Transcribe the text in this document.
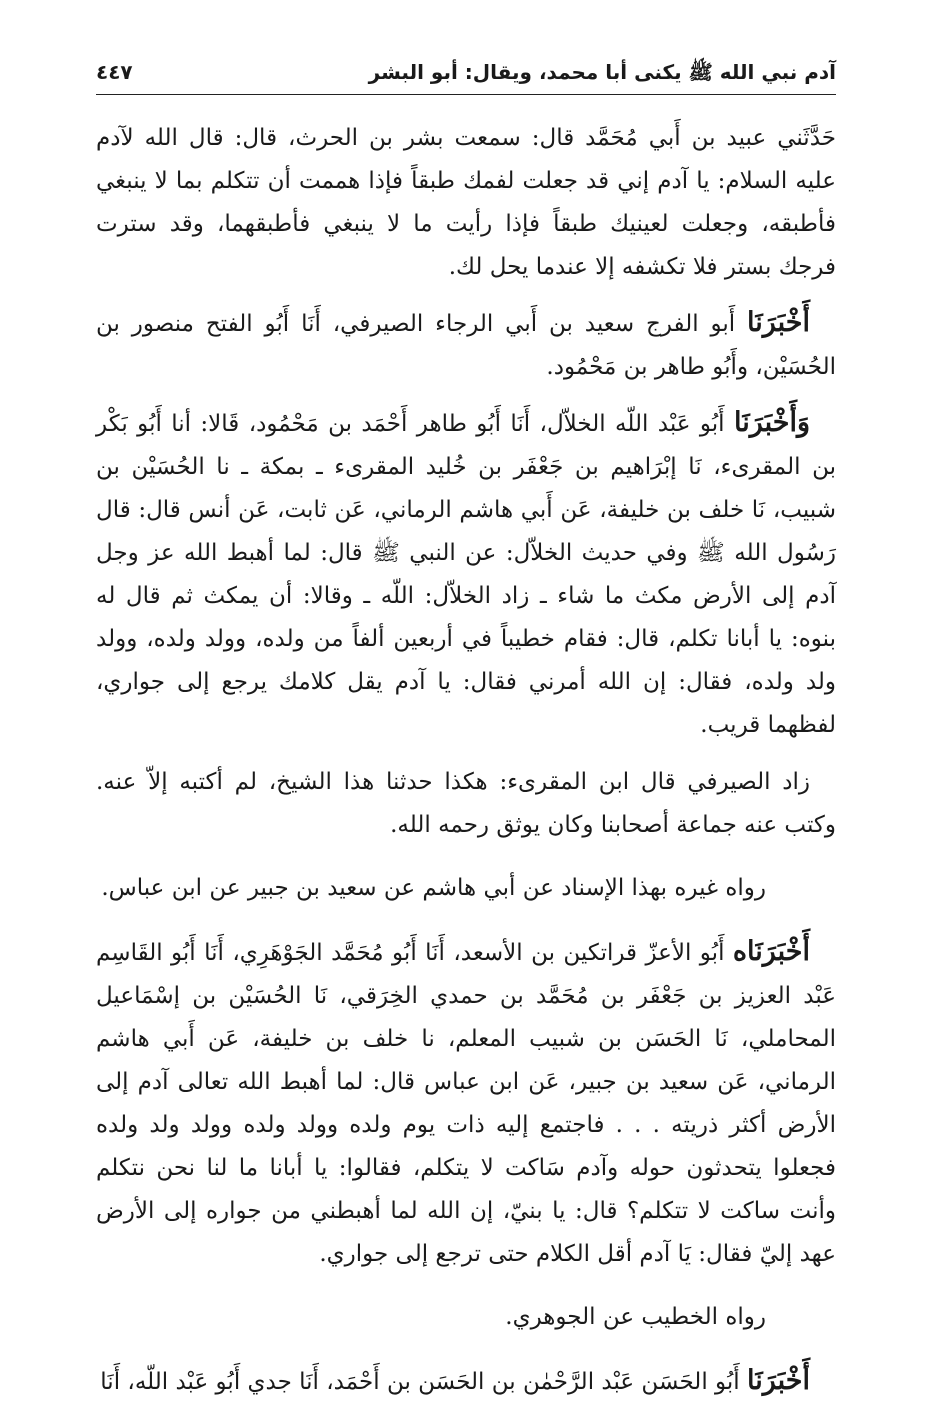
آدم نبي الله ﷺ يكنى أبا محمد، ويقال: أبو البشر
٤٤٧

حَدَّثَني عبيد بن أَبي مُحَمَّد قال: سمعت بشر بن الحرث، قال: قال الله لآدم عليه السلام: يا آدم إني قد جعلت لفمك طبقاً فإذا هممت أن تتكلم بما لا ينبغي فأطبقه، وجعلت لعينيك طبقاً فإذا رأيت ما لا ينبغي فأطبقهما، وقد سترت فرجك بستر فلا تكشفه إلا عندما يحل لك.

أَخْبَرَنَا أَبو الفرج سعيد بن أَبي الرجاء الصيرفي، أَنَا أَبُو الفتح منصور بن الحُسَيْن، وأَبُو طاهر بن مَحْمُود.

وَأَخْبَرَنَا أَبُو عَبْد اللّه الخلاّل، أَنَا أَبُو طاهر أَحْمَد بن مَحْمُود، قَالا: أنا أَبُو بَكْر بن المقرىء، نَا إبْرَاهيم بن جَعْفَر بن خُليد المقرىء ـ بمكة ـ نا الحُسَيْن بن شبيب، نَا خلف بن خليفة، عَن أَبي هاشم الرماني، عَن ثابت، عَن أنس قال: قال رَسُول الله ﷺ وفي حديث الخلاّل: عن النبي ﷺ قال: لما أهبط الله عز وجل آدم إلى الأرض مكث ما شاء ـ زاد الخلاّل: اللّه ـ وقالا: أن يمكث ثم قال له بنوه: يا أبانا تكلم، قال: فقام خطيباً في أربعين ألفاً من ولده، وولد ولده، وولد ولد ولده، فقال: إن الله أمرني فقال: يا آدم يقل كلامك يرجع إلى جواري، لفظهما قريب.

زاد الصيرفي قال ابن المقرىء: هكذا حدثنا هذا الشيخ، لم أكتبه إلاّ عنه. وكتب عنه جماعة أصحابنا وكان يوثق رحمه الله.

رواه غيره بهذا الإسناد عن أبي هاشم عن سعيد بن جبير عن ابن عباس.

أَخْبَرَنَاه أَبُو الأعزّ قراتكين بن الأسعد، أَنَا أَبُو مُحَمَّد الجَوْهَرِي، أَنَا أَبُو القَاسِم عَبْد العزيز بن جَعْفَر بن مُحَمَّد بن حمدي الخِرَقي، نَا الحُسَيْن بن إسْمَاعيل المحاملي، نَا الحَسَن بن شبيب المعلم، نا خلف بن خليفة، عَن أَبي هاشم الرماني، عَن سعيد بن جبير، عَن ابن عباس قال: لما أهبط الله تعالى آدم إلى الأرض أكثر ذريته . . . فاجتمع إليه ذات يوم ولده وولد ولده وولد ولد ولده فجعلوا يتحدثون حوله وآدم سَاكت لا يتكلم، فقالوا: يا أبانا ما لنا نحن نتكلم وأنت ساكت لا تتكلم؟ قال: يا بنيّ، إن الله لما أهبطني من جواره إلى الأرض عهد إليّ فقال: يَا آدم أقل الكلام حتى ترجع إلى جواري.

رواه الخطيب عن الجوهري.

أَخْبَرَنَا أَبُو الحَسَن عَبْد الرَّحْمٰن بن الحَسَن بن أَحْمَد، أَنَا جدي أَبُو عَبْد اللّه، أَنَا
